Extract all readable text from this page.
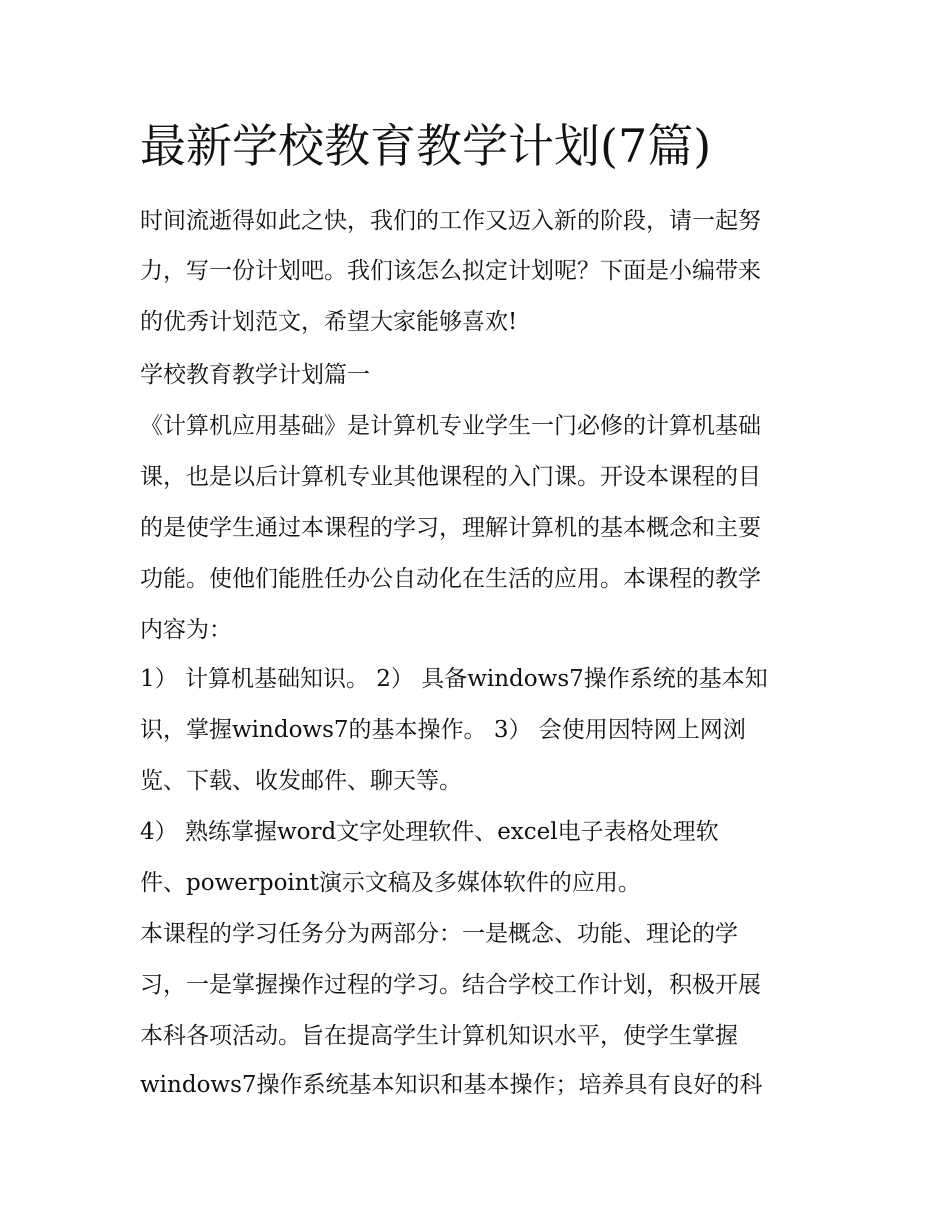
最新学校教育教学计划(7篇)

时间流逝得如此之快，我们的工作又迈入新的阶段，请一起努

力，写一份计划吧。我们该怎么拟定计划呢？下面是小编带来

的优秀计划范文，希望大家能够喜欢!

学校教育教学计划篇一

《计算机应用基础》是计算机专业学生一门必修的计算机基础

课，也是以后计算机专业其他课程的入门课。开设本课程的目

的是使学生通过本课程的学习，理解计算机的基本概念和主要

功能。使他们能胜任办公自动化在生活的应用。本课程的教学

内容为：

1） 计算机基础知识。 2） 具备windows7操作系统的基本知

识，掌握windows7的基本操作。 3） 会使用因特网上网浏

览、下载、收发邮件、聊天等。

4） 熟练掌握word文字处理软件、excel电子表格处理软

件、powerpoint演示文稿及多媒体软件的应用。

本课程的学习任务分为两部分：一是概念、功能、理论的学

习，一是掌握操作过程的学习。结合学校工作计划，积极开展

本科各项活动。旨在提高学生计算机知识水平，使学生掌握

windows7操作系统基本知识和基本操作；培养具有良好的科
